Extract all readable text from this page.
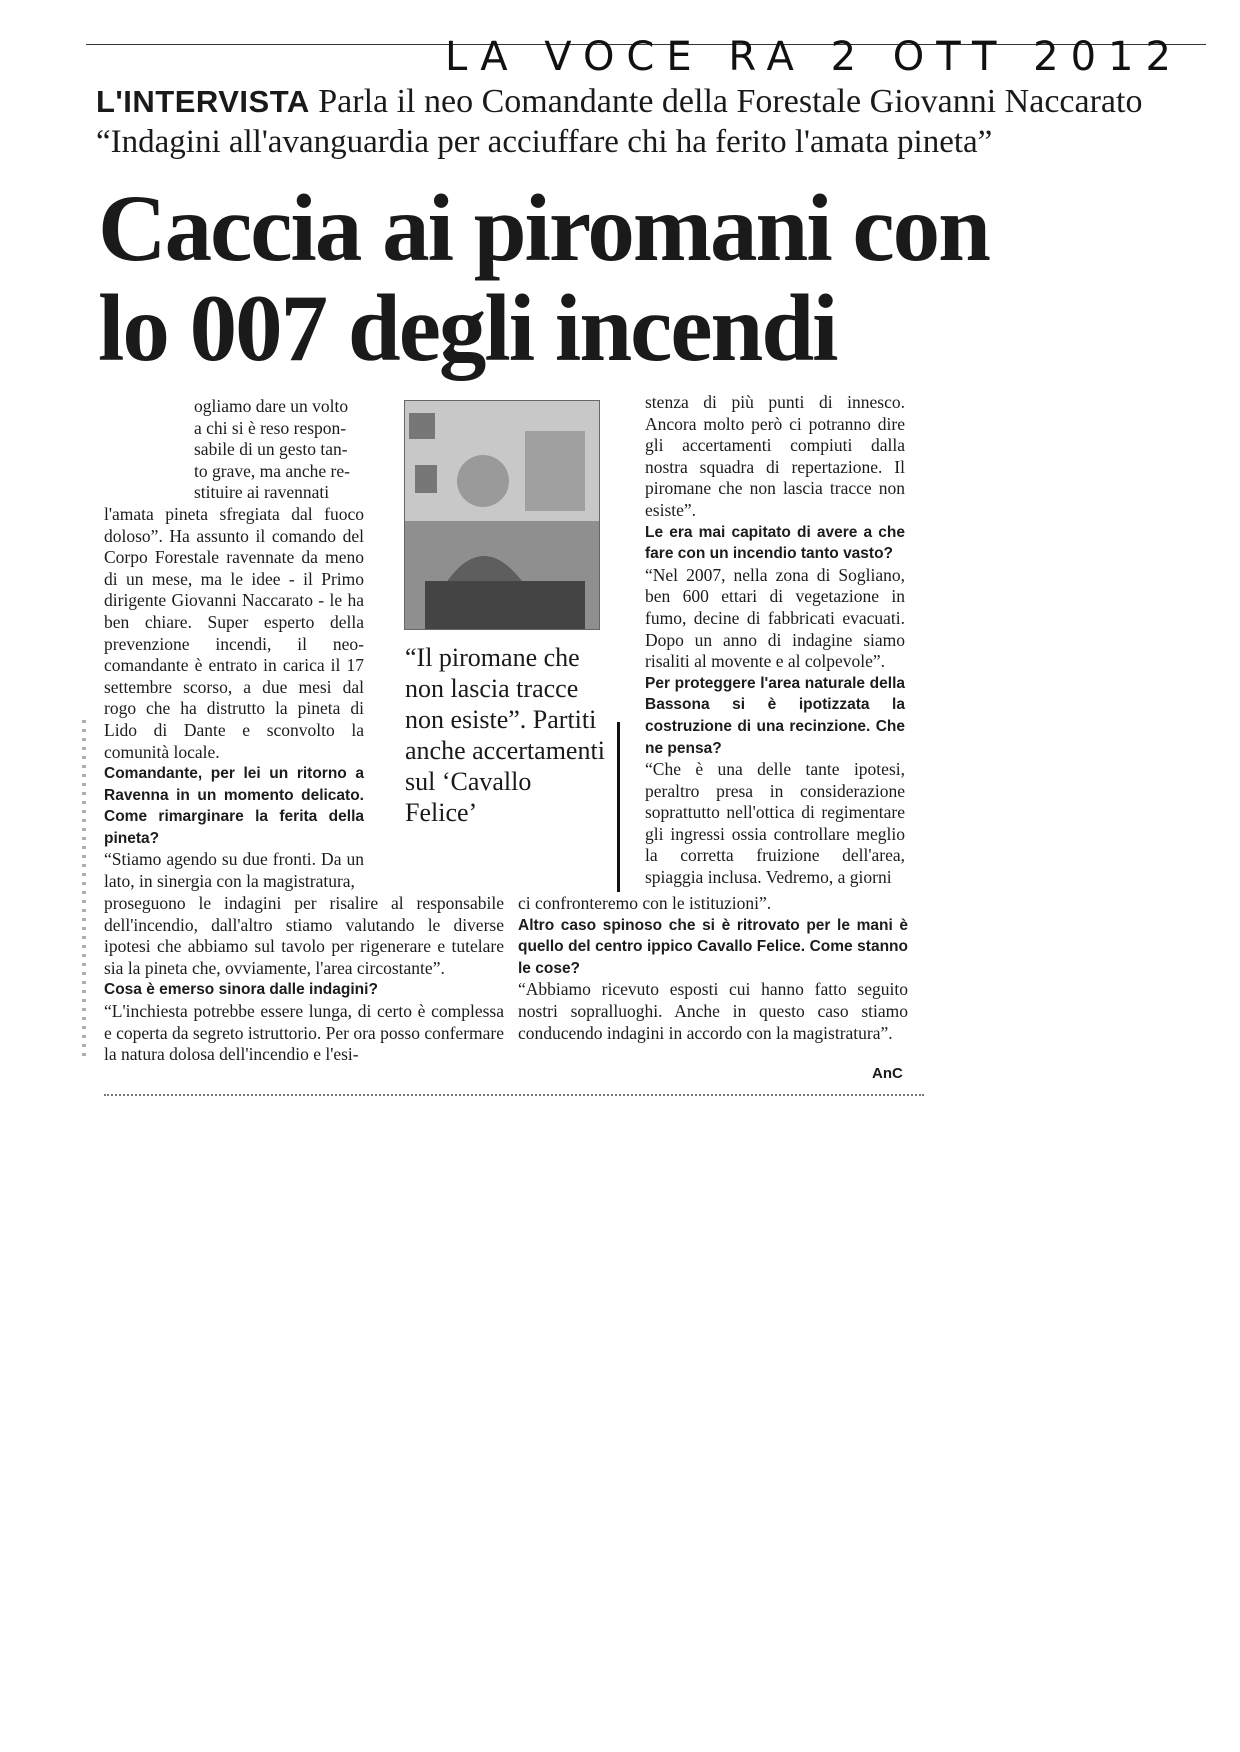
LA VOCE RA 2 OTT 2012
L'INTERVISTA Parla il neo Comandante della Forestale Giovanni Naccarato
“Indagini all'avanguardia per acciuffare chi ha ferito l'amata pineta”
Caccia ai piromani con
lo 007 degli incendi

ogliamo dare un volto
a chi si è reso respon-
sabile di un gesto tan-
to grave, ma anche re-
stituire ai ravennati
l'amata pineta sfregiata dal fuoco doloso”. Ha assunto il comando del Corpo Forestale ravennate da meno di un mese, ma le idee - il Primo dirigente Giovanni Naccarato - le ha ben chiare. Super esperto della prevenzione incendi, il neo-comandante è entrato in carica il 17 settembre scorso, a due mesi dal rogo che ha distrutto la pineta di Lido di Dante e sconvolto la comunità locale.

Comandante, per lei un ritorno a Ravenna in un momento delicato. Come rimarginare la ferita della pineta?

“Stiamo agendo su due fronti. Da un lato, in sinergia con la magistratura,

“Il piromane che non lascia tracce non esiste”. Partiti anche accertamenti sul ‘Cavallo Felice’

stenza di più punti di innesco. Ancora molto però ci potranno dire gli accertamenti compiuti dalla nostra squadra di repertazione. Il piromane che non lascia tracce non esiste”.

Le era mai capitato di avere a che fare con un incendio tanto vasto?

“Nel 2007, nella zona di Sogliano, ben 600 ettari di vegetazione in fumo, decine di fabbricati evacuati. Dopo un anno di indagine siamo risaliti al movente e al colpevole”.

Per proteggere l'area naturale della Bassona si è ipotizzata la costruzione di una recinzione. Che ne pensa?

“Che è una delle tante ipotesi, peraltro presa in considerazione soprattutto nell'ottica di regimentare gli ingressi ossia controllare meglio la corretta fruizione dell'area, spiaggia inclusa. Vedremo, a giorni

proseguono le indagini per risalire al responsabile dell'incendio, dall'altro stiamo valutando le diverse ipotesi che abbiamo sul tavolo per rigenerare e tutelare sia la pineta che, ovviamente, l'area circostante”.

Cosa è emerso sinora dalle indagini?

“L'inchiesta potrebbe essere lunga, di certo è complessa e coperta da segreto istruttorio. Per ora posso confermare la natura dolosa dell'incendio e l'esi-

ci confronteremo con le istituzioni”.

Altro caso spinoso che si è ritrovato per le mani è quello del centro ippico Cavallo Felice. Come stanno le cose?

“Abbiamo ricevuto esposti cui hanno fatto seguito nostri sopralluoghi. Anche in questo caso stiamo conducendo indagini in accordo con la magistratura”.

AnC
